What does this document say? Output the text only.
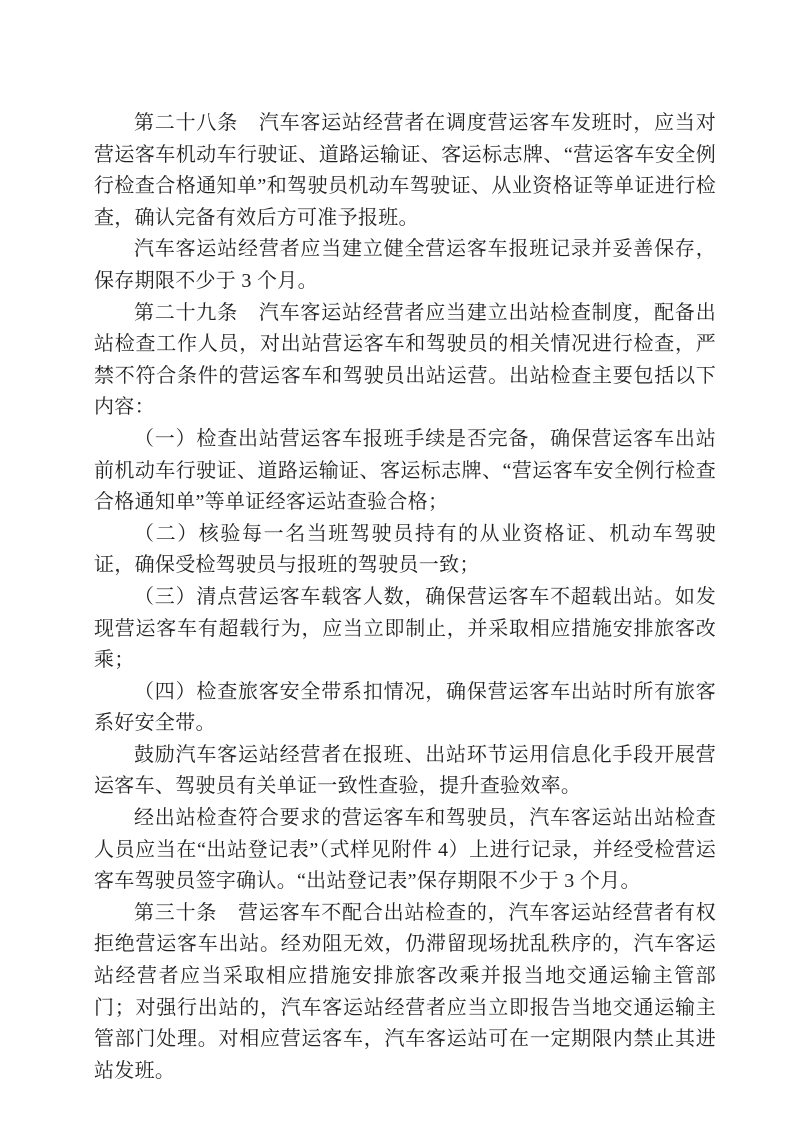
第二十八条　汽车客运站经营者在调度营运客车发班时，应当对营运客车机动车行驶证、道路运输证、客运标志牌、“营运客车安全例行检查合格通知单”和驾驶员机动车驾驶证、从业资格证等单证进行检查，确认完备有效后方可准予报班。

汽车客运站经营者应当建立健全营运客车报班记录并妥善保存，保存期限不少于 3 个月。

第二十九条　汽车客运站经营者应当建立出站检查制度，配备出站检查工作人员，对出站营运客车和驾驶员的相关情况进行检查，严禁不符合条件的营运客车和驾驶员出站运营。出站检查主要包括以下内容：

（一）检查出站营运客车报班手续是否完备，确保营运客车出站前机动车行驶证、道路运输证、客运标志牌、“营运客车安全例行检查合格通知单”等单证经客运站查验合格；

（二）核验每一名当班驾驶员持有的从业资格证、机动车驾驶证，确保受检驾驶员与报班的驾驶员一致；

（三）清点营运客车载客人数，确保营运客车不超载出站。如发现营运客车有超载行为，应当立即制止，并采取相应措施安排旅客改乘；

（四）检查旅客安全带系扣情况，确保营运客车出站时所有旅客系好安全带。

鼓励汽车客运站经营者在报班、出站环节运用信息化手段开展营运客车、驾驶员有关单证一致性查验，提升查验效率。

经出站检查符合要求的营运客车和驾驶员，汽车客运站出站检查人员应当在“出站登记表”（式样见附件 4）上进行记录，并经受检营运客车驾驶员签字确认。“出站登记表”保存期限不少于 3 个月。

第三十条　营运客车不配合出站检查的，汽车客运站经营者有权拒绝营运客车出站。经劝阻无效，仍滞留现场扰乱秩序的，汽车客运站经营者应当采取相应措施安排旅客改乘并报当地交通运输主管部门；对强行出站的，汽车客运站经营者应当立即报告当地交通运输主管部门处理。对相应营运客车，汽车客运站可在一定期限内禁止其进站发班。
